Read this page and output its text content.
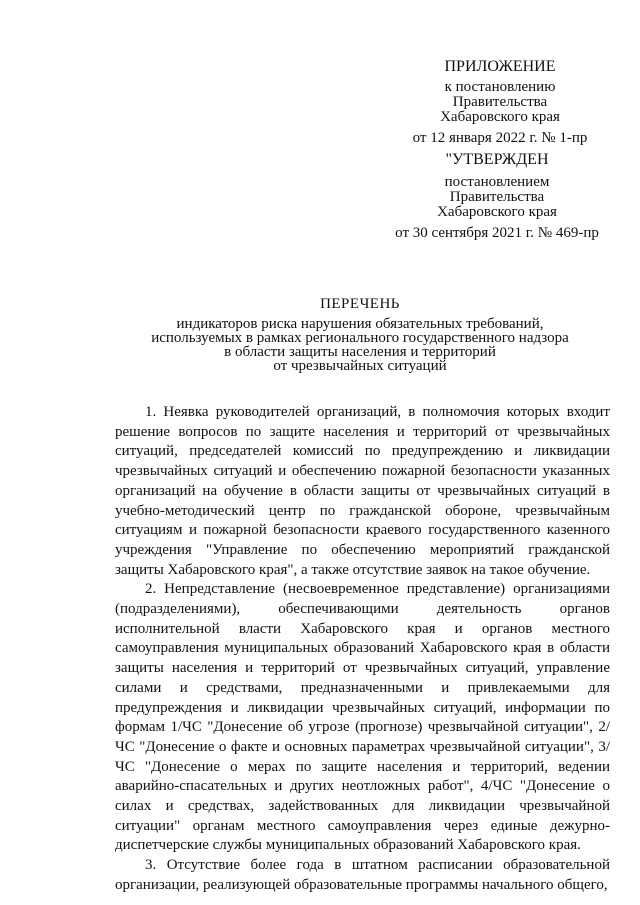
ПРИЛОЖЕНИЕ
к постановлению
Правительства
Хабаровского края
от 12 января 2022 г. № 1-пр
"УТВЕРЖДЕН
постановлением
Правительства
Хабаровского края
от 30 сентября 2021 г. № 469-пр
ПЕРЕЧЕНЬ
индикаторов риска нарушения обязательных требований,
используемых в рамках регионального государственного надзора
в области защиты населения и территорий
от чрезвычайных ситуаций

1. Неявка руководителей организаций, в полномочия которых входит решение вопросов по защите населения и территорий от чрезвычайных ситуаций, председателей комиссий по предупреждению и ликвидации чрезвычайных ситуаций и обеспечению пожарной безопасности указанных организаций на обучение в области защиты от чрезвычайных ситуаций в учебно-методический центр по гражданской обороне, чрезвычайным ситуациям и пожарной безопасности краевого государственного казенного учреждения "Управление по обеспечению мероприятий гражданской защиты Хабаровского края", а также отсутствие заявок на такое обучение.

2. Непредставление (несвоевременное представление) организациями (подразделениями), обеспечивающими деятельность органов исполнительной власти Хабаровского края и органов местного самоуправления муниципальных образований Хабаровского края в области защиты населения и территорий от чрезвычайных ситуаций, управление силами и средствами, предназначенными и привлекаемыми для предупреждения и ликвидации чрезвычайных ситуаций, информации по формам 1/ЧС "Донесение об угрозе (прогнозе) чрезвычайной ситуации", 2/ЧС "Донесение о факте и основных параметрах чрезвычайной ситуации", 3/ЧС "Донесение о мерах по защите населения и территорий, ведении аварийно-спасательных и других неотложных работ", 4/ЧС "Донесение о силах и средствах, задействованных для ликвидации чрезвычайной ситуации" органам местного самоуправления через единые дежурно-диспетчерские службы муниципальных образований Хабаровского края.

3. Отсутствие более года в штатном расписании образовательной организации, реализующей образовательные программы начального общего,
